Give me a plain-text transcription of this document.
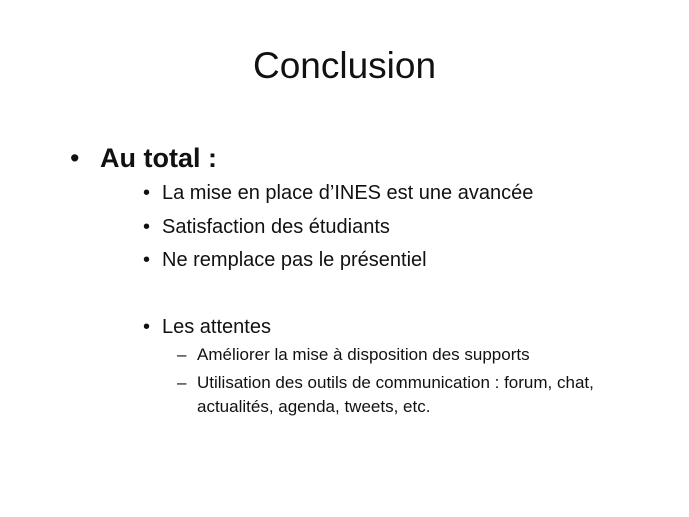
Conclusion
• Au total :
• La mise en place d’INES est une avancée
• Satisfaction des étudiants
• Ne remplace pas le présentiel
• Les attentes
– Améliorer la mise à disposition des supports
– Utilisation des outils de communication : forum, chat, actualités, agenda, tweets, etc.
